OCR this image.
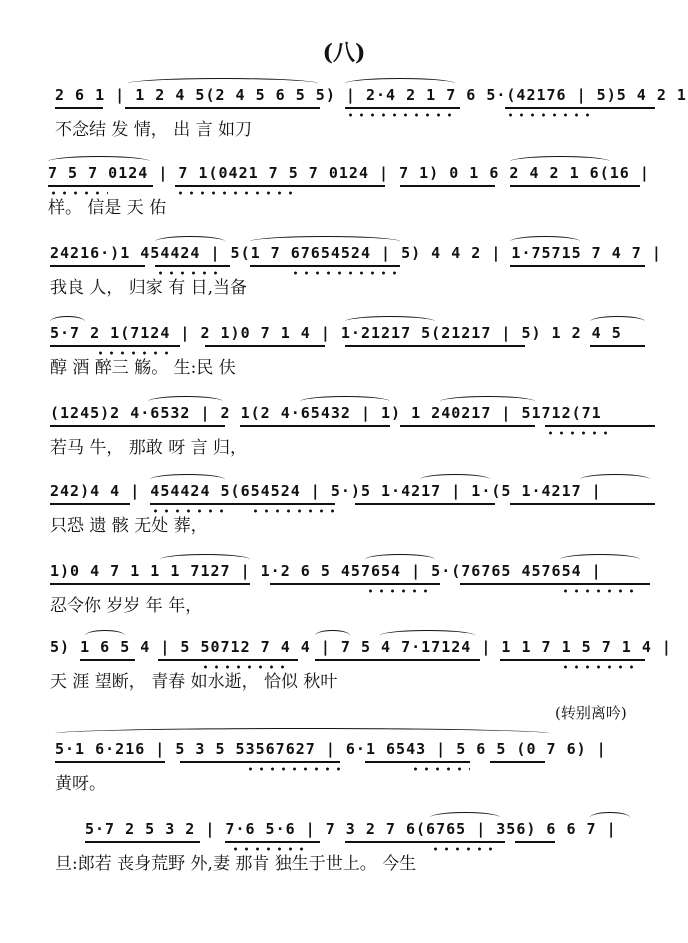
(八)
2 6 1 | 1 2 4 5(2 4 5 6 5 5) | 2·4 2 1 7 6 5·(42176 | 5)5 4 2 1
不念结 发 情， 出 言 如刀
7 5 7 0124 | 7 1(0421 7 5 7 0124 | 7 1) 0 1 6 2 4 2 1 6(16 |
样。 信是 天 佑
24216·)1 454424 | 5(1 7 67654524 | 5) 4 4 2 | 1·75715 7 4 7 |
我良 人， 归家 有 日,当备
5·7 2 1(7124 | 2 1)0 7 1 4 | 1·21217 5(21217 | 5) 1 2 4 5
醇 酒 醉三 觞。 生:民 伕
(1245)2 4·6532 | 2 1(2 4·65432 | 1) 1 240217 | 51712(71
若马 牛， 那敢 呀 言 归，
242)4 4 | 454424 5(654524 | 5·)5 1·4217 | 1·(5 1·4217 |
只恐 遗 骸 无处 葬，
1)0 4 7 1 1 1 7127 | 1·2 6 5 457654 | 5·(76765 457654 |
忍令你 岁岁 年 年，
5) 1 6 5 4 | 5 50712 7 4 4 | 7 5 4 7·17124 | 1 1 7 1 5 7 1 4 |
天 涯 望断， 青春 如水逝， 恰似 秋叶
(转别离吟)
5·1 6·216 | 5 3 5 53567627 | 6·1 6543 | 5 6 5 (0 7 6) |
黄呀。
5·7 2 5 3 2 | 7·6 5·6 | 7 3 2 7 6(6765 | 356) 6 6 7 |
旦:郎若 丧身荒野 外,妻 那肯 独生于世上。 今生
